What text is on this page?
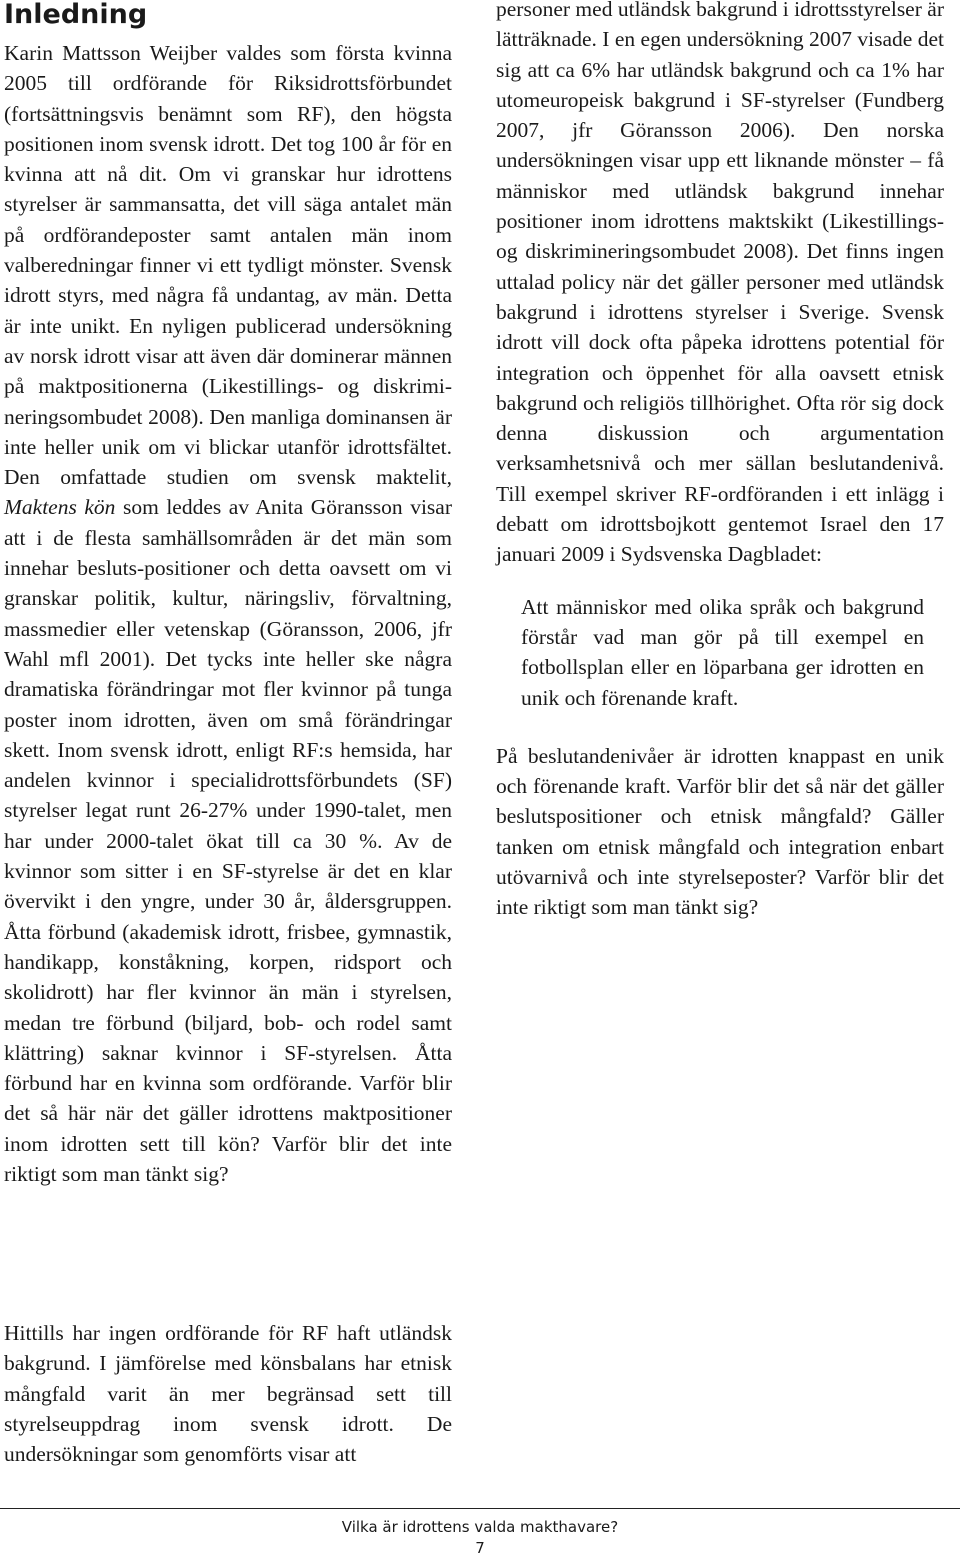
Inledning

Karin Mattsson Weijber valdes som första kvinna 2005 till ordförande för Riksidrottsförbundet (fortsättningsvis benämnt som RF), den högsta positionen inom svensk idrott. Det tog 100 år för en kvinna att nå dit. Om vi granskar hur idrottens styrelser är sammansatta, det vill säga antalet män på ordförandeposter samt antalen män inom valberedningar finner vi ett tydligt mönster. Svensk idrott styrs, med några få undantag, av män. Detta är inte unikt. En nyligen publicerad undersökning av norsk idrott visar att även där dominerar männen på maktpositionerna (Likestillings- og diskrimineringsombudet 2008). Den manliga dominansen är inte heller unik om vi blickar utanför idrottsfältet. Den omfattade studien om svensk maktelit, Maktens kön som leddes av Anita Göransson visar att i de flesta samhällsområden är det män som innehar besluts-positioner och detta oavsett om vi granskar politik, kultur, näringsliv, förvaltning, massmedier eller vetenskap (Göransson, 2006, jfr Wahl mfl 2001). Det tycks inte heller ske några dramatiska förändringar mot fler kvinnor på tunga poster inom idrotten, även om små förändringar skett. Inom svensk idrott, enligt RF:s hemsida, har andelen kvinnor i specialidrottsförbundets (SF) styrelser legat runt 26-27% under 1990-talet, men har under 2000-talet ökat till ca 30 %. Av de kvinnor som sitter i en SF-styrelse är det en klar övervikt i den yngre, under 30 år, åldersgruppen. Åtta förbund (akademisk idrott, frisbee, gymnastik, handikapp, konståkning, korpen, ridsport och skolidrott) har fler kvinnor än män i styrelsen, medan tre förbund (biljard, bob- och rodel samt klättring) saknar kvinnor i SF-styrelsen. Åtta förbund har en kvinna som ordförande. Varför blir det så här när det gäller idrottens maktpositioner inom idrotten sett till kön? Varför blir det inte riktigt som man tänkt sig?

Hittills har ingen ordförande för RF haft utländsk bakgrund. I jämförelse med könsbalans har etnisk mångfald varit än mer begränsad sett till styrelseuppdrag inom svensk idrott. De undersökningar som genomförts visar att

personer med utländsk bakgrund i idrottsstyrelser är lätträknade. I en egen undersökning 2007 visade det sig att ca 6% har utländsk bakgrund och ca 1% har utomeuropeisk bakgrund i SF-styrelser (Fundberg 2007, jfr Göransson 2006). Den norska undersökningen visar upp ett liknande mönster – få människor med utländsk bakgrund innehar positioner inom idrottens maktskikt (Likestillings- og diskrimineringsombudet 2008). Det finns ingen uttalad policy när det gäller personer med utländsk bakgrund i idrottens styrelser i Sverige. Svensk idrott vill dock ofta påpeka idrottens potential för integration och öppenhet för alla oavsett etnisk bakgrund och religiös tillhörighet. Ofta rör sig dock denna diskussion och argumentation verksamhetsnivå och mer sällan beslutandenivå. Till exempel skriver RF-ordföranden i ett inlägg i debatt om idrottsbojkott gentemot Israel den 17 januari 2009 i Sydsvenska Dagbladet:

Att människor med olika språk och bakgrund förstår vad man gör på till exempel en fotbollsplan eller en löparbana ger idrotten en unik och förenande kraft.

På beslutandenivåer är idrotten knappast en unik och förenande kraft. Varför blir det så när det gäller beslutspositioner och etnisk mångfald? Gäller tanken om etnisk mångfald och integration enbart utövarnivå och inte styrelseposter? Varför blir det inte riktigt som man tänkt sig?

Vilka är idrottens valda makthavare?
7
